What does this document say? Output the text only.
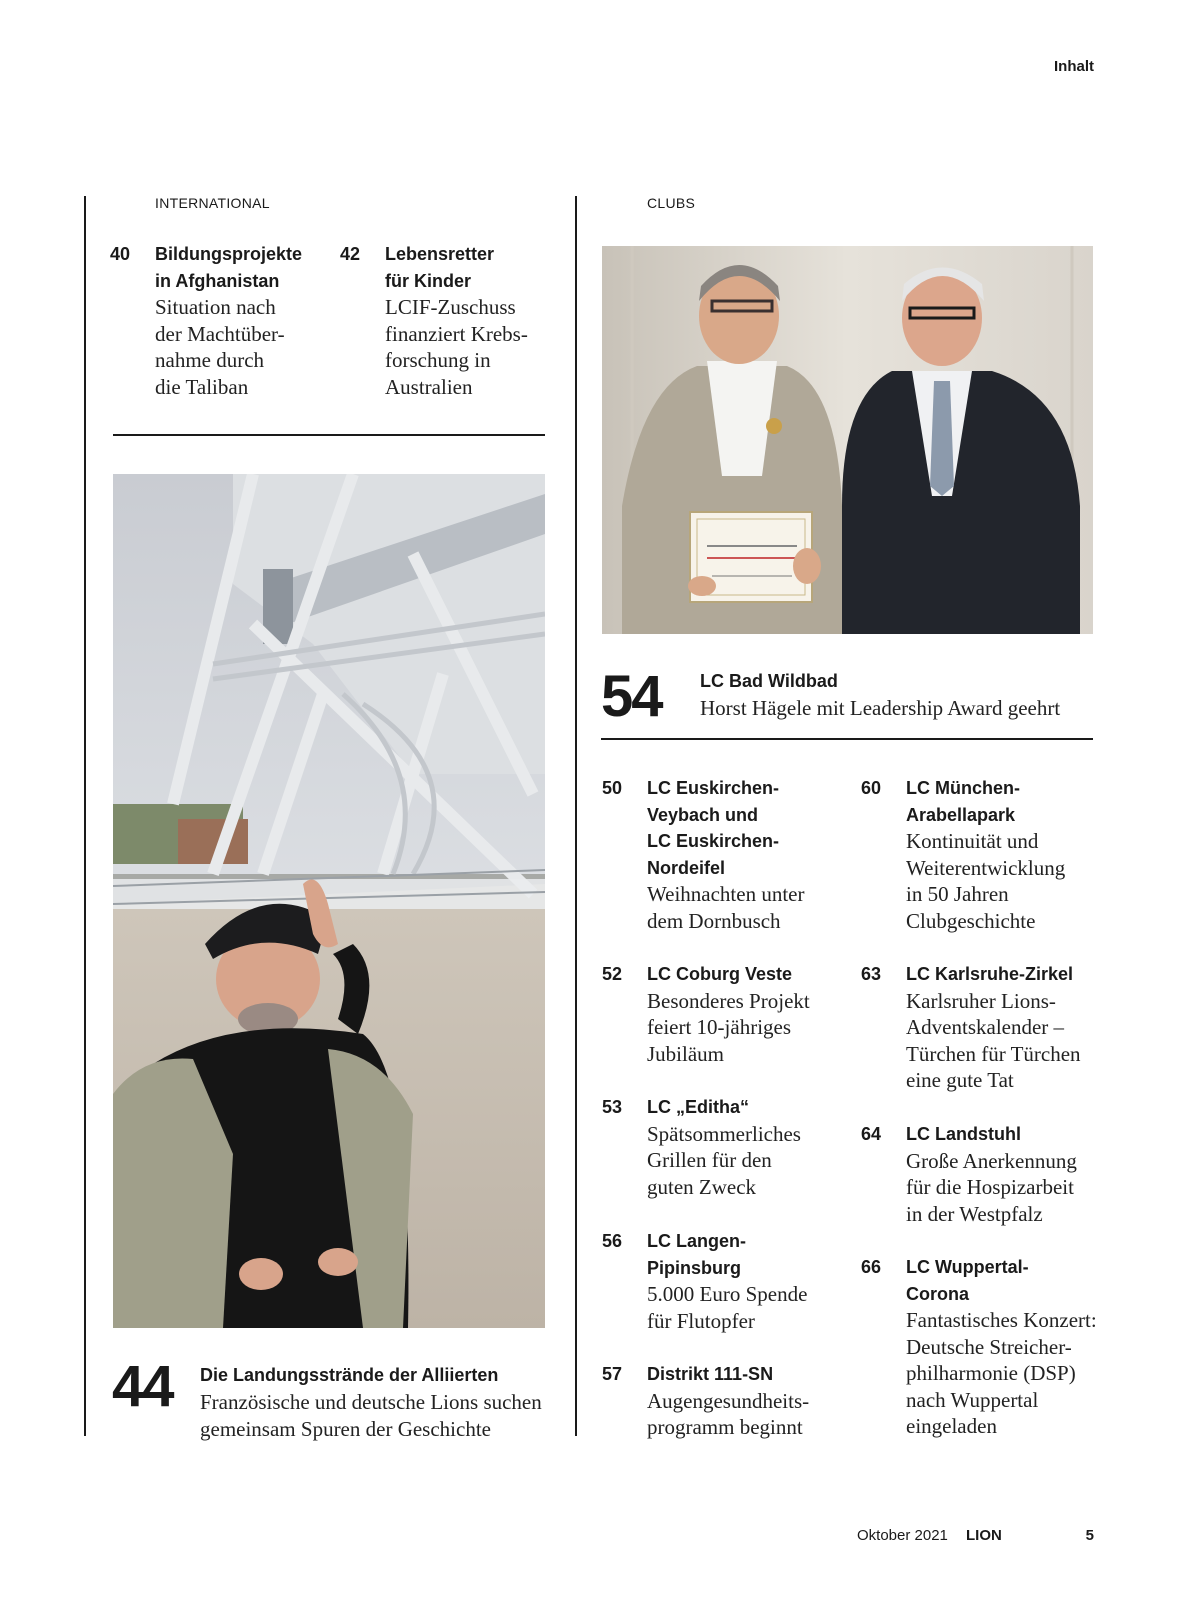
Inhalt
INTERNATIONAL
40 Bildungsprojekte
in Afghanistan
Situation nach
der Machtüber-
nahme durch
die Taliban
42 Lebensretter
für Kinder
LCIF-Zuschuss
finanziert Krebs-
forschung in
Australien
44 Die Landungsstrände der Alliierten
Französische und deutsche Lions suchen
gemeinsam Spuren der Geschichte
CLUBS
54 LC Bad Wildbad
Horst Hägele mit Leadership Award geehrt
50 LC Euskirchen-
Veybach und
LC Euskirchen-
Nordeifel
Weihnachten unter
dem Dornbusch
52 LC Coburg Veste
Besonderes Projekt
feiert 10-jähriges
Jubiläum
53 LC „Editha“
Spätsommerliches
Grillen für den
guten Zweck
56 LC Langen-
Pipinsburg
5.000 Euro Spende
für Flutopfer
57 Distrikt 111-SN
Augengesundheits-
programm beginnt
60 LC München-
Arabellapark
Kontinuität und
Weiterentwicklung
in 50 Jahren
Clubgeschichte
63 LC Karlsruhe-Zirkel
Karlsruher Lions-
Adventskalender –
Türchen für Türchen
eine gute Tat
64 LC Landstuhl
Große Anerkennung
für die Hospizarbeit
in der Westpfalz
66 LC Wuppertal-
Corona
Fantastisches Konzert:
Deutsche Streicher-
philharmonie (DSP)
nach Wuppertal
eingeladen
Oktober 2021 LION	5
